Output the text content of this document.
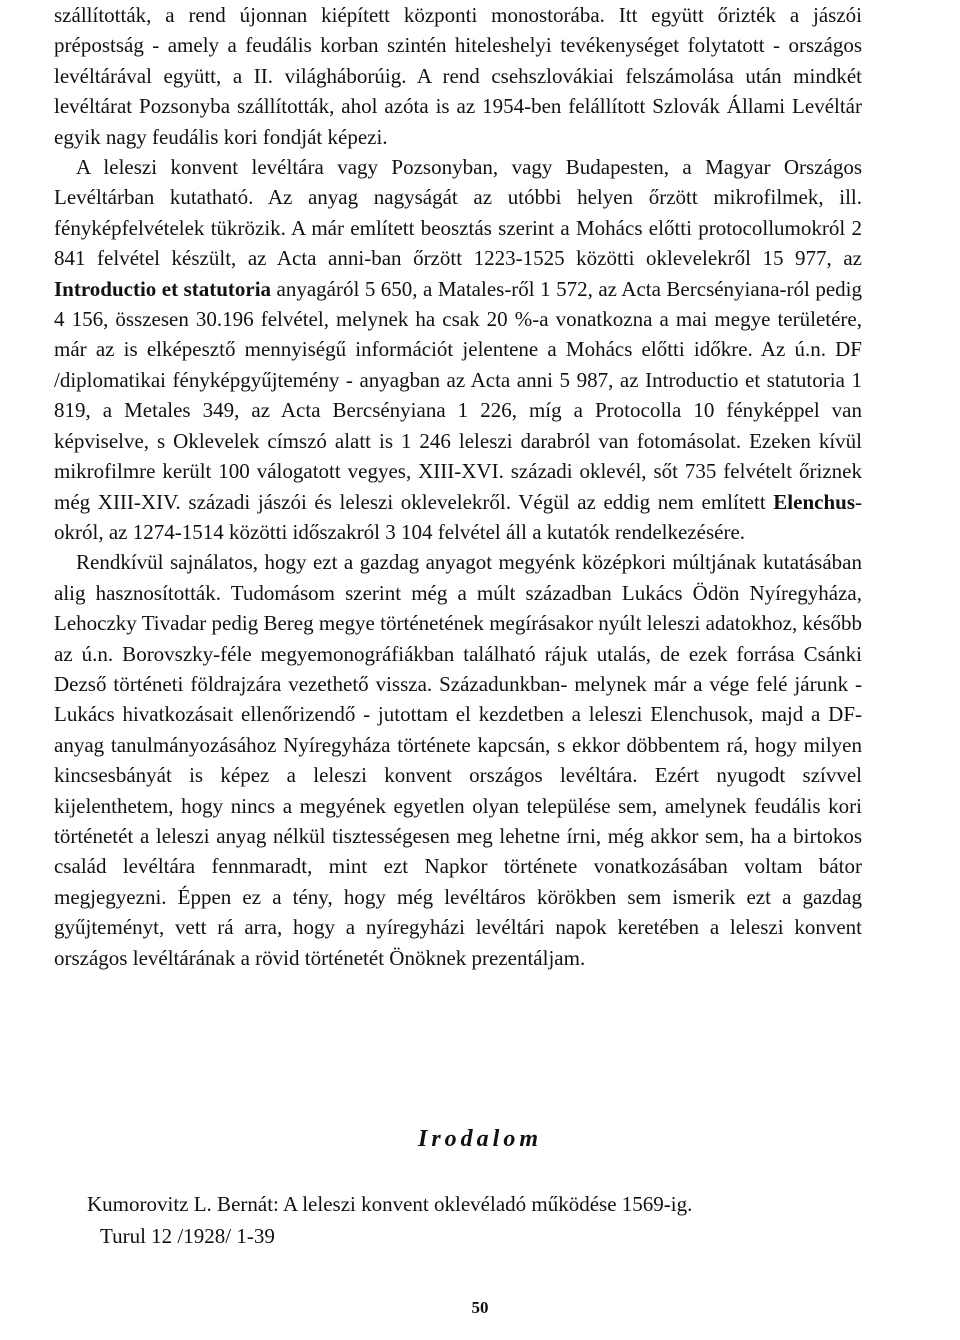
szállították, a rend újonnan kiépített központi monostorába. Itt együtt őrizték a jászói prépostság - amely a feudális korban szintén hiteleshelyi tevékenységet folytatott - országos levéltárával együtt, a II. világháborúig. A rend csehszlovákiai felszámolása után mindkét levéltárat Pozsonyba szállították, ahol azóta is az 1954-ben felállított Szlovák Állami Levéltár egyik nagy feudális kori fondját képezi.

A leleszi konvent levéltára vagy Pozsonyban, vagy Budapesten, a Magyar Országos Levéltárban kutatható. Az anyag nagyságát az utóbbi helyen őrzött mikrofilmek, ill. fényképfelvételek tükrözik. A már említett beosztás szerint a Mohács előtti protocollumokról 2 841 felvétel készült, az Acta anni-ban őrzött 1223-1525 közötti oklevelekről 15 977, az Introductio et statutoria anyagáról 5 650, a Matales-ről 1 572, az Acta Bercsényiana-ról pedig 4 156, összesen 30.196 felvétel, melynek ha csak 20 %-a vonatkozna a mai megye területére, már az is elképesztő mennyiségű információt jelentene a Mohács előtti időkre. Az ú.n. DF /diplomatikai fényképgyűjtemény - anyagban az Acta anni 5 987, az Introductio et statutoria 1 819, a Metales 349, az Acta Bercsényiana 1 226, míg a Protocolla 10 fényképpel van képviselve, s Oklevelek címszó alatt is 1 246 leleszi darabról van fotomásolat. Ezeken kívül mikrofilmre került 100 válogatott vegyes, XIII-XVI. századi oklevél, sőt 735 felvételt őriznek még XIII-XIV. századi jászói és leleszi oklevelekről. Végül az eddig nem említett Elenchus-okról, az 1274-1514 közötti időszakról 3 104 felvétel áll a kutatók rendelkezésére.

Rendkívül sajnálatos, hogy ezt a gazdag anyagot megyénk középkori múltjának kutatásában alig hasznosították. Tudomásom szerint még a múlt században Lukács Ödön Nyíregyháza, Lehoczky Tivadar pedig Bereg megye történetének megírásakor nyúlt leleszi adatokhoz, később az ú.n. Borovszky-féle megyemonográfiákban található rájuk utalás, de ezek forrása Csánki Dezső történeti földrajzára vezethető vissza. Századunkban- melynek már a vége felé járunk - Lukács hivatkozásait ellenőrizendő - jutottam el kezdetben a leleszi Elenchusok, majd a DF-anyag tanulmányozásához Nyíregyháza története kapcsán, s ekkor döbbentem rá, hogy milyen kincsesbányát is képez a leleszi konvent országos levéltára. Ezért nyugodt szívvel kijelenthetem, hogy nincs a megyének egyetlen olyan települése sem, amelynek feudális kori történetét a leleszi anyag nélkül tisztességesen meg lehetne írni, még akkor sem, ha a birtokos család levéltára fennmaradt, mint ezt Napkor története vonatkozásában voltam bátor megjegyezni. Éppen ez a tény, hogy még levéltáros körökben sem ismerik ezt a gazdag gyűjteményt, vett rá arra, hogy a nyíregyházi levéltári napok keretében a leleszi konvent országos levéltárának a rövid történetét Önöknek prezentáljam.

Irodalom
Kumorovitz L. Bernát: A leleszi konvent oklevéladó működése 1569-ig.
Turul 12 /1928/ 1-39
50
